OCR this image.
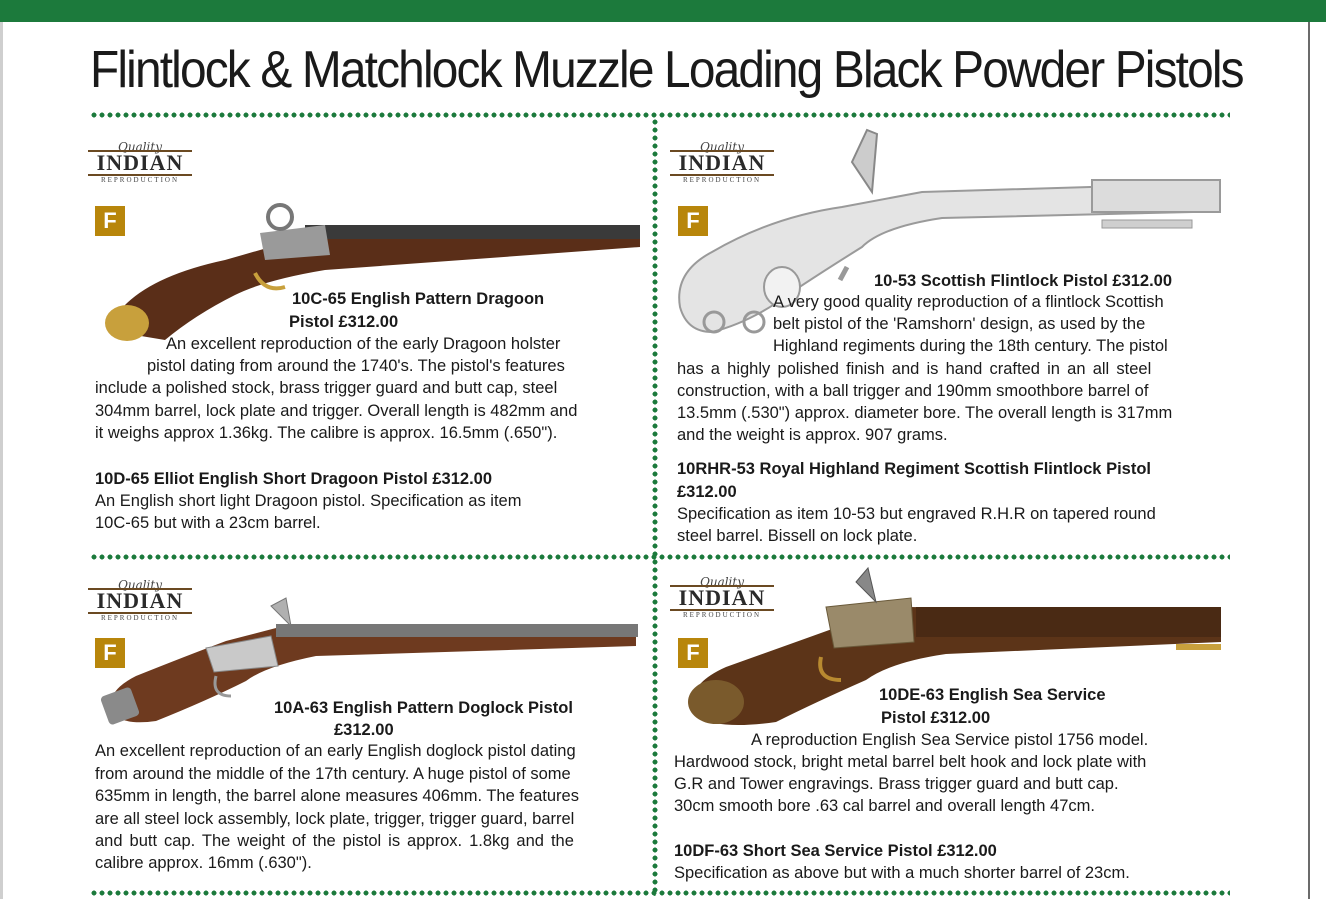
Flintlock & Matchlock Muzzle Loading Black Powder Pistols
Quality
INDIAN
REPRODUCTION
F

10C-65 English Pattern Dragoon

Pistol £312.00

An excellent reproduction of the early Dragoon holster

pistol dating from around the 1740's. The pistol's features

include a polished stock, brass trigger guard and butt cap, steel

304mm barrel, lock plate and trigger. Overall length is 482mm and

it weighs approx 1.36kg. The calibre is approx. 16.5mm (.650").

10D-65 Elliot English Short Dragoon Pistol £312.00

An English short light Dragoon pistol. Specification as item

10C-65 but with a 23cm barrel.

Quality
INDIAN
REPRODUCTION
F

10-53 Scottish Flintlock Pistol £312.00

A very good quality reproduction of a flintlock Scottish

belt pistol of the 'Ramshorn' design, as used by the

Highland regiments during the 18th century. The pistol

has a highly polished finish and is hand crafted in an all steel

construction, with a ball trigger and 190mm smoothbore barrel of

13.5mm (.530") approx. diameter bore. The overall length is 317mm

and the weight is approx. 907 grams.

10RHR-53 Royal Highland Regiment Scottish Flintlock Pistol

£312.00

Specification as item 10-53 but engraved R.H.R on tapered round

steel barrel. Bissell on lock plate.

Quality
INDIAN
REPRODUCTION
F

10A-63 English Pattern Doglock Pistol

£312.00

An excellent reproduction of an early English doglock pistol dating

from around the middle of the 17th century. A huge pistol of some

635mm in length, the barrel alone measures 406mm. The features

are all steel lock assembly, lock plate, trigger, trigger guard, barrel

and butt cap. The weight of the pistol is approx. 1.8kg and the

calibre approx. 16mm (.630").

Quality
INDIAN
REPRODUCTION
F

10DE-63 English Sea Service

Pistol £312.00

A reproduction English Sea Service pistol 1756 model.

Hardwood stock, bright metal barrel belt hook and lock plate with

G.R and Tower engravings. Brass trigger guard and butt cap.

30cm smooth bore .63 cal barrel and overall length 47cm.

10DF-63 Short Sea Service Pistol £312.00

Specification as above but with a much shorter barrel of 23cm.
